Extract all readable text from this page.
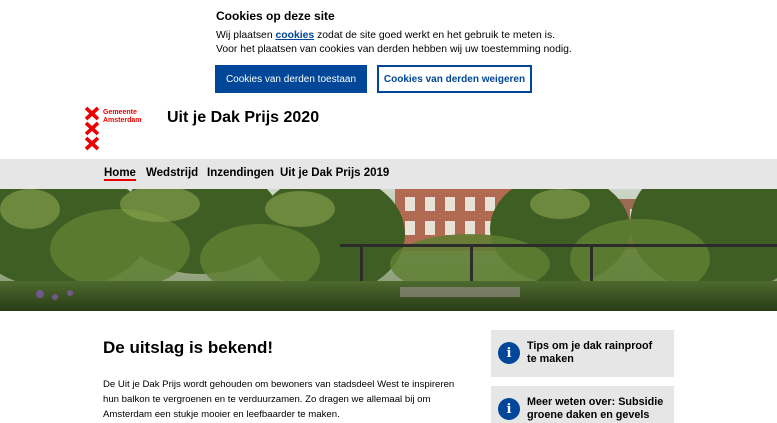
Cookies op deze site
Wij plaatsen cookies zodat de site goed werkt en het gebruik te meten is.
Voor het plaatsen van cookies van derden hebben wij uw toestemming nodig.
Cookies van derden toestaan	Cookies van derden weigeren
Gemeente
Amsterdam Uit je Dak Prijs 2020
Home Wedstrijd Inzendingen Uit je Dak Prijs 2019
De uitslag is bekend!
De Uit je Dak Prijs wordt gehouden om bewoners van stadsdeel West te inspireren
hun balkon te vergroenen en te verduurzamen. Zo dragen we allemaal bij om
Amsterdam een stukje mooier en leefbaarder te maken.
i	Tips om je dak rainproof
te maken
i	Meer weten over: Subsidie
groene daken en gevels
